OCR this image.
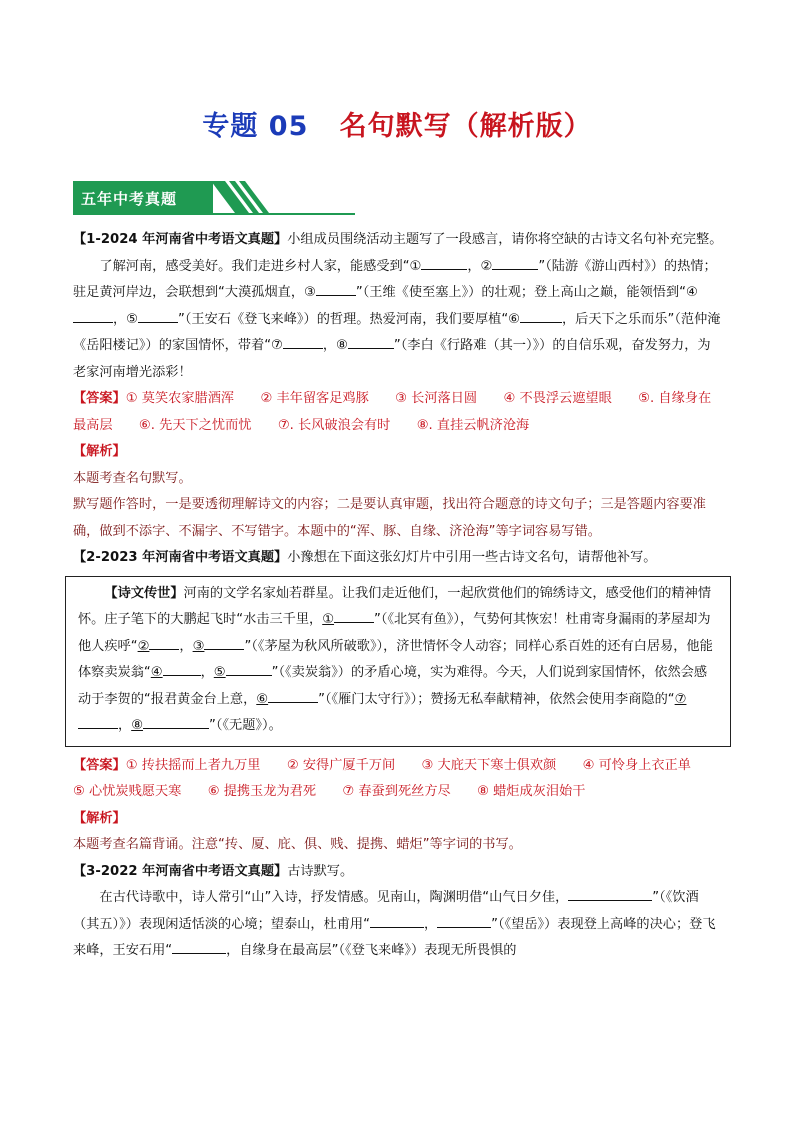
专题 05 名句默写（解析版）
五年中考真题

【1-2024 年河南省中考语文真题】小组成员围绕活动主题写了一段感言，请你将空缺的古诗文名句补充完整。

了解河南，感受美好。我们走进乡村人家，能感受到“①	，②	”（陆游《游山西村》）的热情；驻足黄河岸边，会联想到“大漠孤烟直，③	”（王维《使至塞上》）的壮观；登上高山之巅，能领悟到“④，⑤	”（王安石《登飞来峰》）的哲理。热爱河南，我们要厚植“⑥	，后天下之乐而乐”（范仲淹《岳阳楼记》）的家国情怀，带着“⑦	，⑧	”（李白《行路难（其一）》）的自信乐观，奋发努力，为老家河南增光添彩！

【答案】① 莫笑农家腊酒浑　　② 丰年留客足鸡豚　　③ 长河落日圆　　④ 不畏浮云遮望眼　　⑤. 自缘身在最高层　　⑥. 先天下之忧而忧　　⑦. 长风破浪会有时　　⑧. 直挂云帆济沧海

【解析】

本题考查名句默写。

默写题作答时，一是要透彻理解诗文的内容；二是要认真审题，找出符合题意的诗文句子；三是答题内容要准确，做到不添字、不漏字、不写错字。本题中的“浑、豚、自缘、济沧海”等字词容易写错。

【2-2023 年河南省中考语文真题】小豫想在下面这张幻灯片中引用一些古诗文名句，请帮他补写。

【诗文传世】河南的文学名家灿若群星。让我们走近他们，一起欣赏他们的锦绣诗文，感受他们的精神情怀。庄子笔下的大鹏起飞时“水击三千里，①	”（《北冥有鱼》），气势何其恢宏！杜甫寄身漏雨的茅屋却为他人疾呼“② ，③	”（《茅屋为秋风所破歌》），济世情怀令人动容；同样心系百姓的还有白居易，他能体察卖炭翁“④	，⑤	”（《卖炭翁》）的矛盾心境，实为难得。今天，人们说到家国情怀，依然会感动于李贺的“报君黄金台上意，⑥	”（《雁门太守行》）；赞扬无私奉献精神，依然会使用李商隐的“⑦，⑧	”（《无题》）。

【答案】① 抟扶摇而上者九万里　　② 安得广厦千万间　　③ 大庇天下寒士俱欢颜　　④ 可怜身上衣正单　　⑤ 心忧炭贱愿天寒　　⑥ 提携玉龙为君死　　⑦ 春蚕到死丝方尽　　⑧ 蜡炬成灰泪始干

【解析】

本题考查名篇背诵。注意“抟、厦、庇、俱、贱、提携、蜡炬”等字词的书写。

【3-2022 年河南省中考语文真题】古诗默写。

在古代诗歌中，诗人常引“山”入诗，抒发情感。见南山，陶渊明借“山气日夕佳，	”（《饮酒（其五）》）表现闲适恬淡的心境；望泰山，杜甫用“	，	”（《望岳》）表现登上高峰的决心；登飞来峰，王安石用“	，自缘身在最高层”（《登飞来峰》）表现无所畏惧的
